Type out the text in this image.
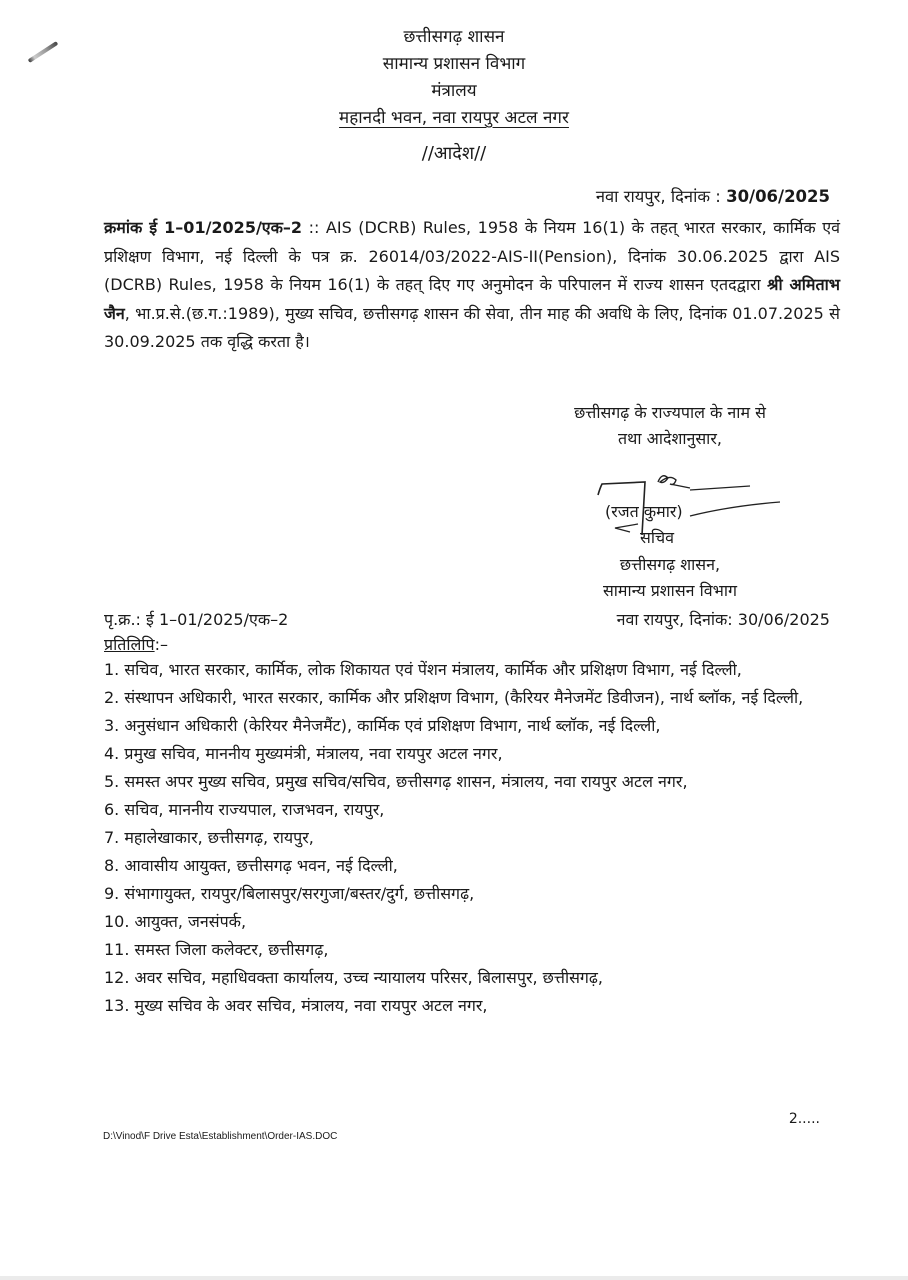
छत्तीसगढ़ शासन
सामान्य प्रशासन विभाग
मंत्रालय
महानदी भवन, नवा रायपुर अटल नगर
//आदेश//
नवा रायपुर, दिनांक : 30/06/2025
क्रमांक ई 1–01/2025/एक–2 :: AIS (DCRB) Rules, 1958 के नियम 16(1) के तहत् भारत सरकार, कार्मिक एवं प्रशिक्षण विभाग, नई दिल्ली के पत्र क्र. 26014/03/2022-AIS-II(Pension), दिनांक 30.06.2025 द्वारा AIS (DCRB) Rules, 1958 के नियम 16(1) के तहत् दिए गए अनुमोदन के परिपालन में राज्य शासन एतदद्वारा श्री अमिताभ जैन, भा.प्र.से.(छ.ग.:1989), मुख्य सचिव, छत्तीसगढ़ शासन की सेवा, तीन माह की अवधि के लिए, दिनांक 01.07.2025 से 30.09.2025 तक वृद्धि करता है।
छत्तीसगढ़ के राज्यपाल के नाम से
तथा आदेशानुसार,
(रजत कुमार)
सचिव
छत्तीसगढ़ शासन,
सामान्य प्रशासन विभाग
पृ.क्र.: ई 1–01/2025/एक–2	नवा रायपुर, दिनांक: 30/06/2025
प्रतिलिपि:–
1. सचिव, भारत सरकार, कार्मिक, लोक शिकायत एवं पेंशन मंत्रालय, कार्मिक और प्रशिक्षण विभाग, नई दिल्ली,
2. संस्थापन अधिकारी, भारत सरकार, कार्मिक और प्रशिक्षण विभाग, (कैरियर मैनेजमेंट डिवीजन), नार्थ ब्लॉक, नई दिल्ली,
3. अनुसंधान अधिकारी (केरियर मैनेजमैंट), कार्मिक एवं प्रशिक्षण विभाग, नार्थ ब्लॉक, नई दिल्ली,
4. प्रमुख सचिव, माननीय मुख्यमंत्री, मंत्रालय, नवा रायपुर अटल नगर,
5. समस्त अपर मुख्य सचिव, प्रमुख सचिव/सचिव, छत्तीसगढ़ शासन, मंत्रालय, नवा रायपुर अटल नगर,
6. सचिव, माननीय राज्यपाल, राजभवन, रायपुर,
7. महालेखाकार, छत्तीसगढ़, रायपुर,
8. आवासीय आयुक्त, छत्तीसगढ़ भवन, नई दिल्ली,
9. संभागायुक्त, रायपुर/बिलासपुर/सरगुजा/बस्तर/दुर्ग, छत्तीसगढ़,
10. आयुक्त, जनसंपर्क,
11. समस्त जिला कलेक्टर, छत्तीसगढ़,
12. अवर सचिव, महाधिवक्ता कार्यालय, उच्च न्यायालय परिसर, बिलासपुर, छत्तीसगढ़,
13. मुख्य सचिव के अवर सचिव, मंत्रालय, नवा रायपुर अटल नगर,
2.....
D:\Vinod\F Drive Esta\Establishment\Order-IAS.DOC
